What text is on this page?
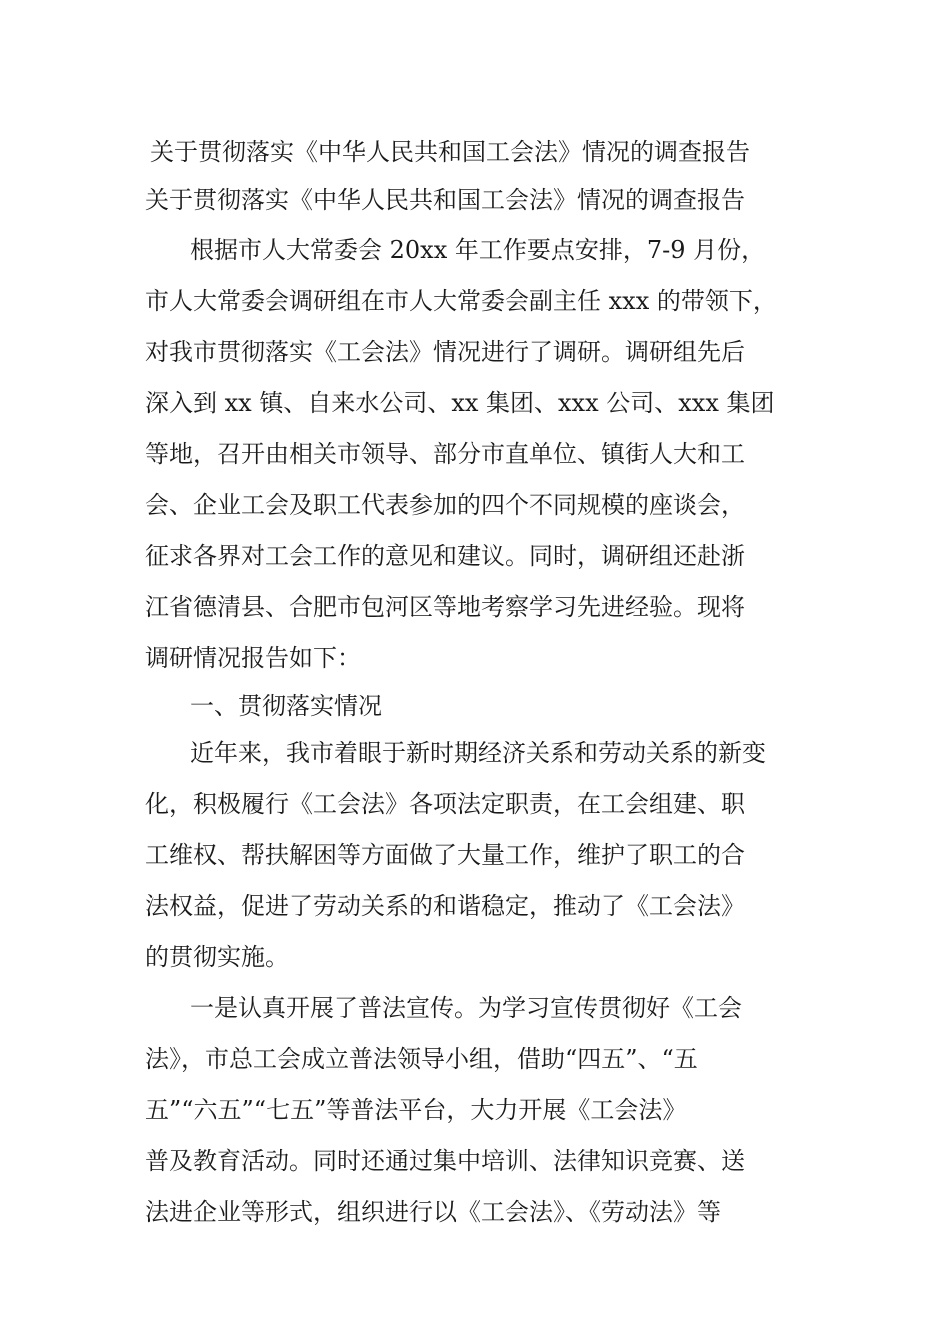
关于贯彻落实《中华人民共和国工会法》情况的调查报告
关于贯彻落实《中华人民共和国工会法》情况的调查报告
根据市人大常委会 20xx 年工作要点安排，7-9 月份，
市人大常委会调研组在市人大常委会副主任 xxx 的带领下，
对我市贯彻落实《工会法》情况进行了调研。调研组先后
深入到 xx 镇、自来水公司、xx 集团、xxx 公司、xxx 集团
等地，召开由相关市领导、部分市直单位、镇街人大和工
会、企业工会及职工代表参加的四个不同规模的座谈会，
征求各界对工会工作的意见和建议。同时，调研组还赴浙
江省德清县、合肥市包河区等地考察学习先进经验。现将
调研情况报告如下：
一、贯彻落实情况
近年来，我市着眼于新时期经济关系和劳动关系的新变
化，积极履行《工会法》各项法定职责，在工会组建、职
工维权、帮扶解困等方面做了大量工作，维护了职工的合
法权益，促进了劳动关系的和谐稳定，推动了《工会法》
的贯彻实施。
一是认真开展了普法宣传。为学习宣传贯彻好《工会
法》，市总工会成立普法领导小组，借助“四五”、“五
五”“六五”“七五”等普法平台，大力开展《工会法》
普及教育活动。同时还通过集中培训、法律知识竞赛、送
法进企业等形式，组织进行以《工会法》、《劳动法》等
